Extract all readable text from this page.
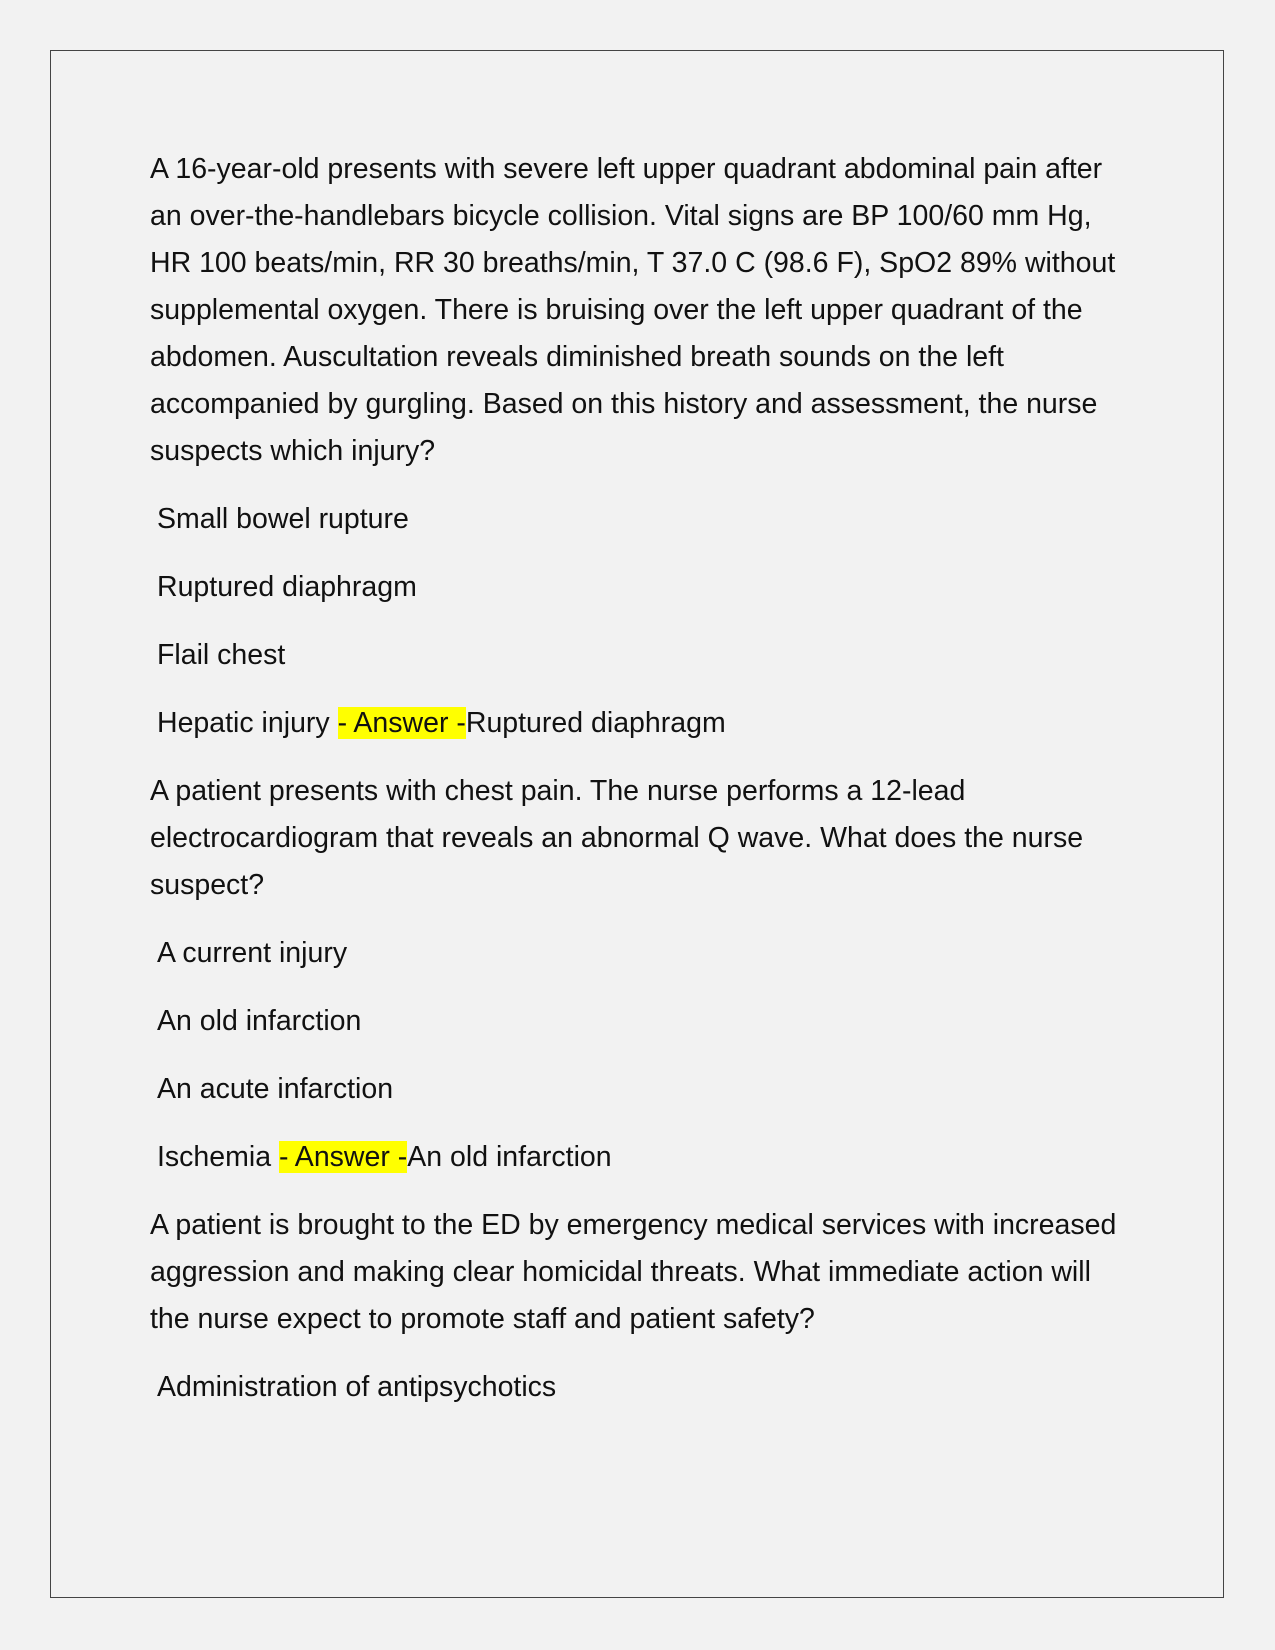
A 16-year-old presents with severe left upper quadrant abdominal pain after an over-the-handlebars bicycle collision. Vital signs are BP 100/60 mm Hg, HR 100 beats/min, RR 30 breaths/min, T 37.0 C (98.6 F), SpO2 89% without supplemental oxygen. There is bruising over the left upper quadrant of the abdomen. Auscultation reveals diminished breath sounds on the left accompanied by gurgling. Based on this history and assessment, the nurse suspects which injury?

Small bowel rupture

Ruptured diaphragm

Flail chest

Hepatic injury - Answer -Ruptured diaphragm

A patient presents with chest pain. The nurse performs a 12-lead electrocardiogram that reveals an abnormal Q wave. What does the nurse suspect?

A current injury

An old infarction

An acute infarction

Ischemia - Answer -An old infarction

A patient is brought to the ED by emergency medical services with increased aggression and making clear homicidal threats. What immediate action will the nurse expect to promote staff and patient safety?

Administration of antipsychotics
